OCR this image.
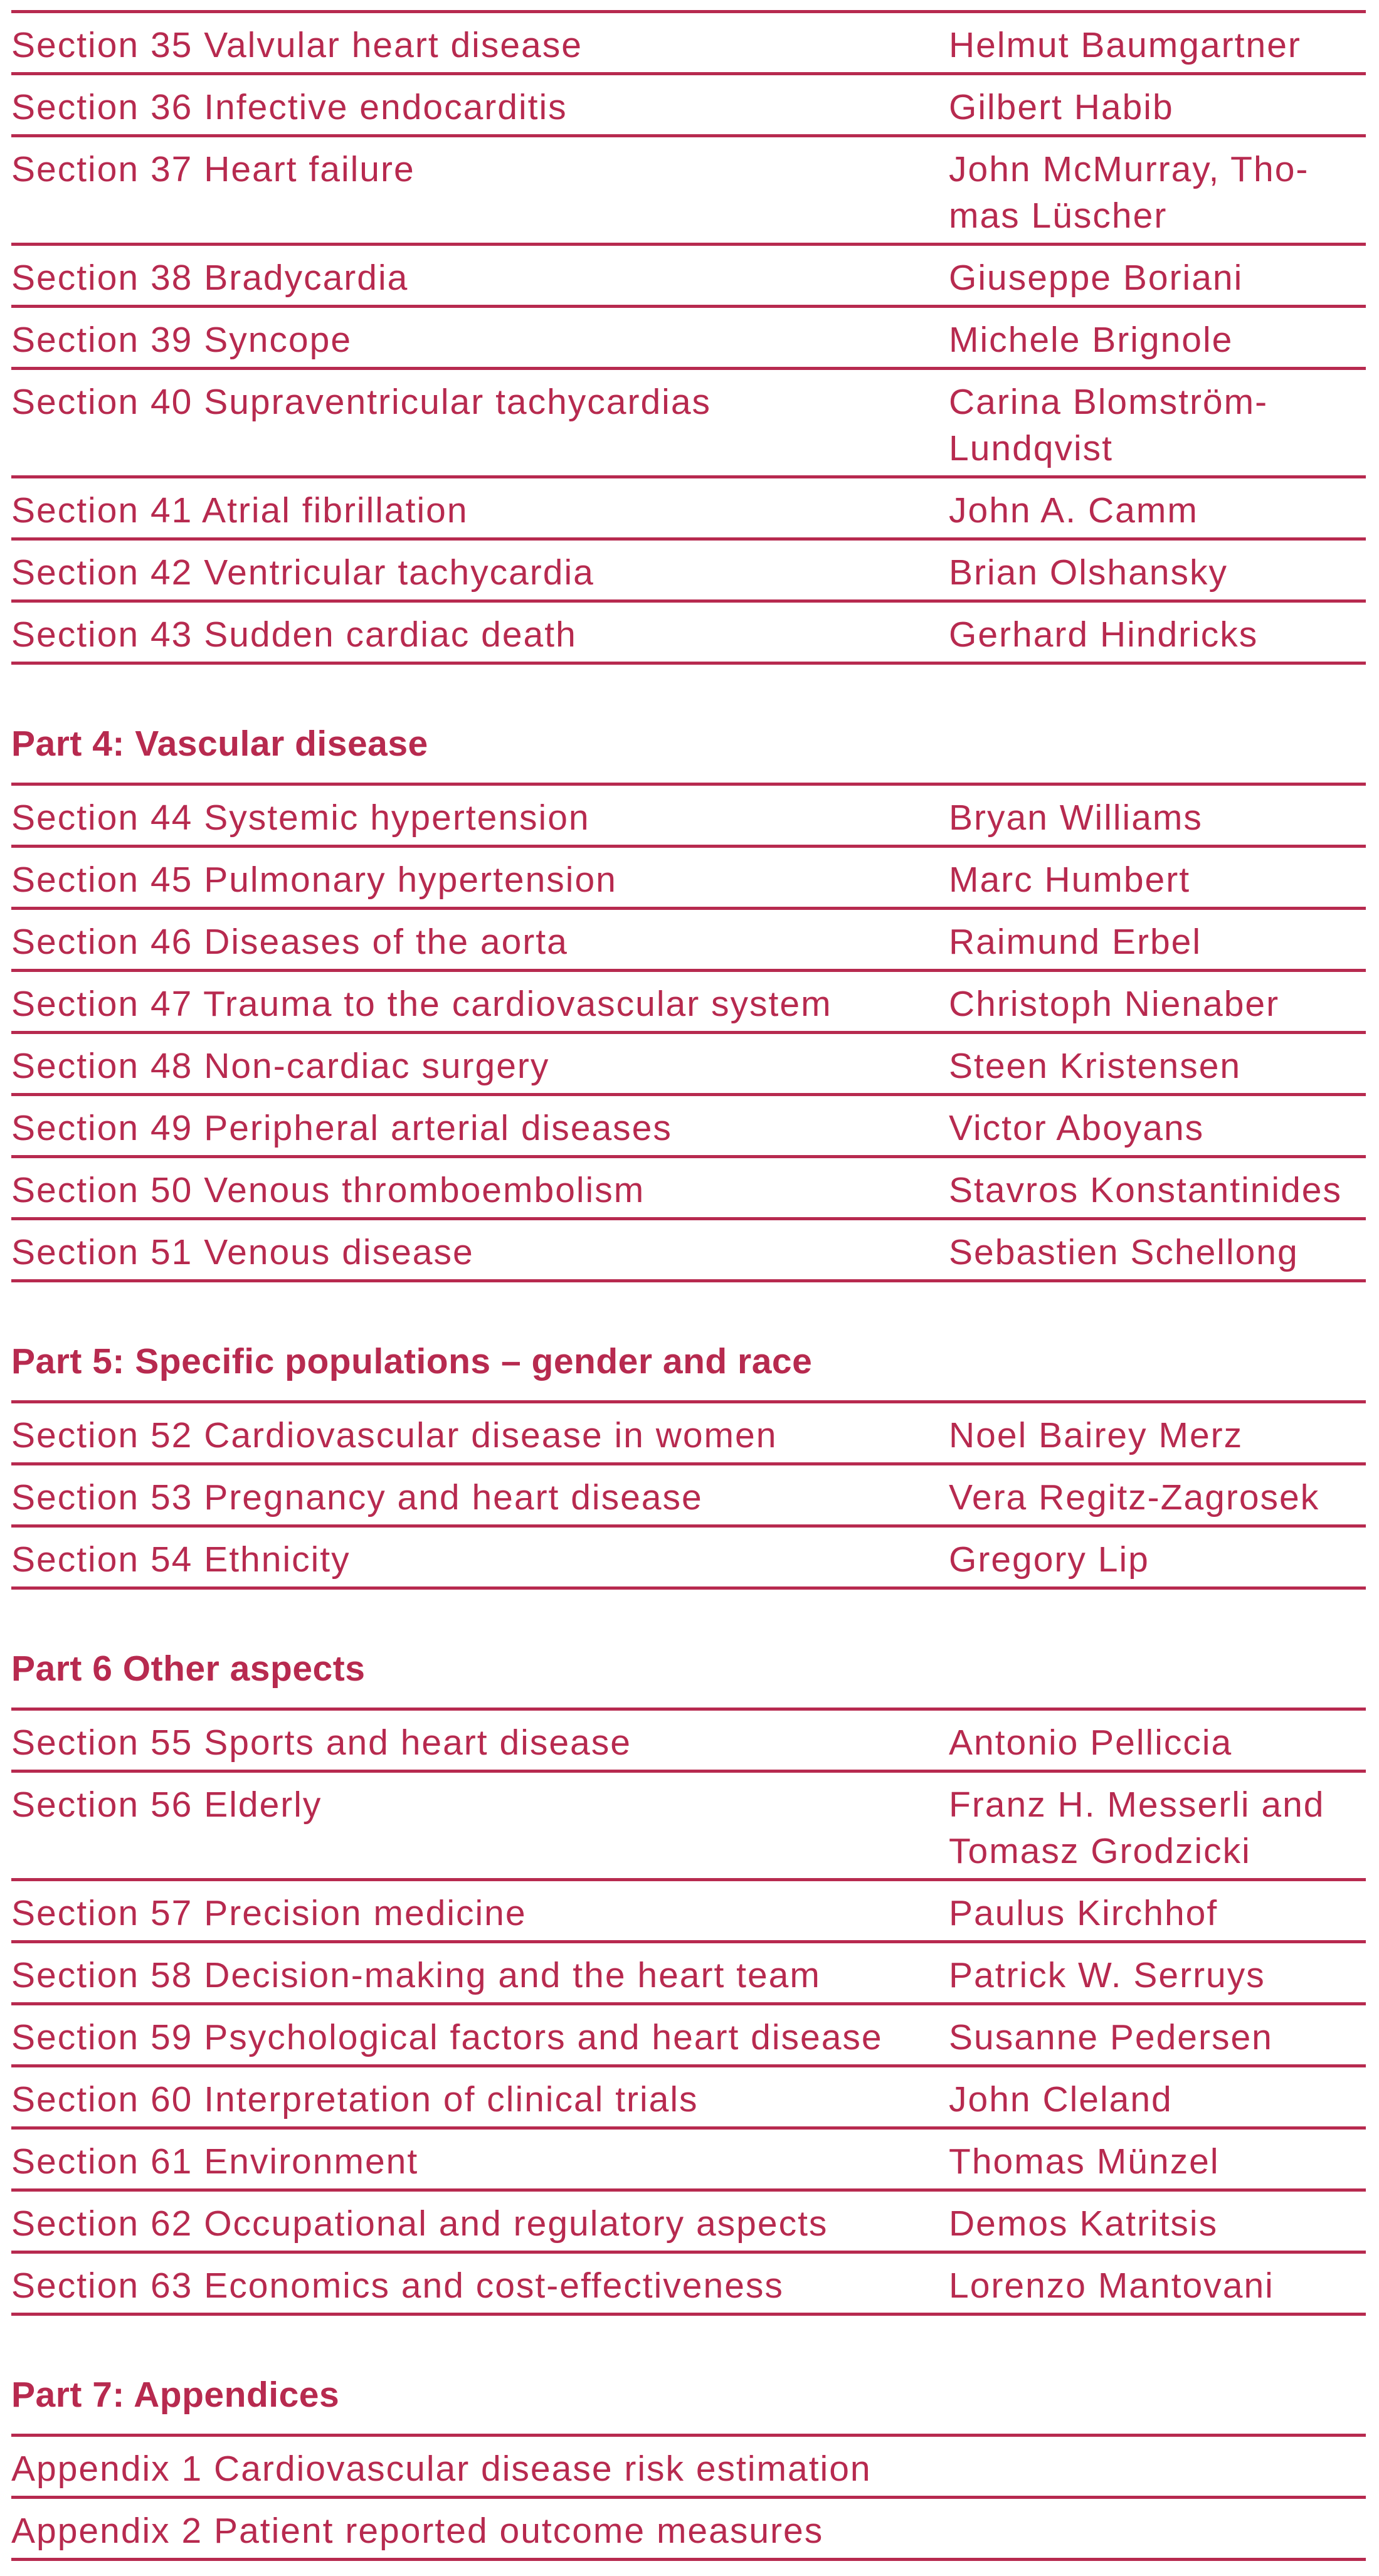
Section 35 Valvular heart disease	Helmut Baumgartner
Section 36 Infective endocarditis	Gilbert Habib
Section 37 Heart failure	John McMurray, Tho-
mas Lüscher
Section 38 Bradycardia	Giuseppe Boriani
Section 39 Syncope	Michele Brignole
Section 40 Supraventricular tachycardias	Carina Blomström-
Lundqvist
Section 41 Atrial fibrillation	John A. Camm
Section 42 Ventricular tachycardia	Brian Olshansky
Section 43 Sudden cardiac death	Gerhard Hindricks
Part 4: Vascular disease
Section 44 Systemic hypertension	Bryan Williams
Section 45 Pulmonary hypertension	Marc Humbert
Section 46 Diseases of the aorta	Raimund Erbel
Section 47 Trauma to the cardiovascular system	Christoph Nienaber
Section 48 Non-cardiac surgery	Steen Kristensen
Section 49 Peripheral arterial diseases	Victor Aboyans
Section 50 Venous thromboembolism	Stavros Konstantinides
Section 51 Venous disease	Sebastien Schellong
Part 5: Specific populations – gender and race
Section 52 Cardiovascular disease in women	Noel Bairey Merz
Section 53 Pregnancy and heart disease	Vera Regitz-Zagrosek
Section 54 Ethnicity	Gregory Lip
Part 6 Other aspects
Section 55 Sports and heart disease	Antonio Pelliccia
Section 56 Elderly	Franz H. Messerli and
Tomasz Grodzicki
Section 57 Precision medicine	Paulus Kirchhof
Section 58 Decision-making and the heart team	Patrick W. Serruys
Section 59 Psychological factors and heart disease Susanne Pedersen
Section 60 Interpretation of clinical trials	John Cleland
Section 61 Environment	Thomas Münzel
Section 62 Occupational and regulatory aspects	Demos Katritsis
Section 63 Economics and cost-effectiveness	Lorenzo Mantovani
Part 7: Appendices
Appendix 1 Cardiovascular disease risk estimation
Appendix 2 Patient reported outcome measures
